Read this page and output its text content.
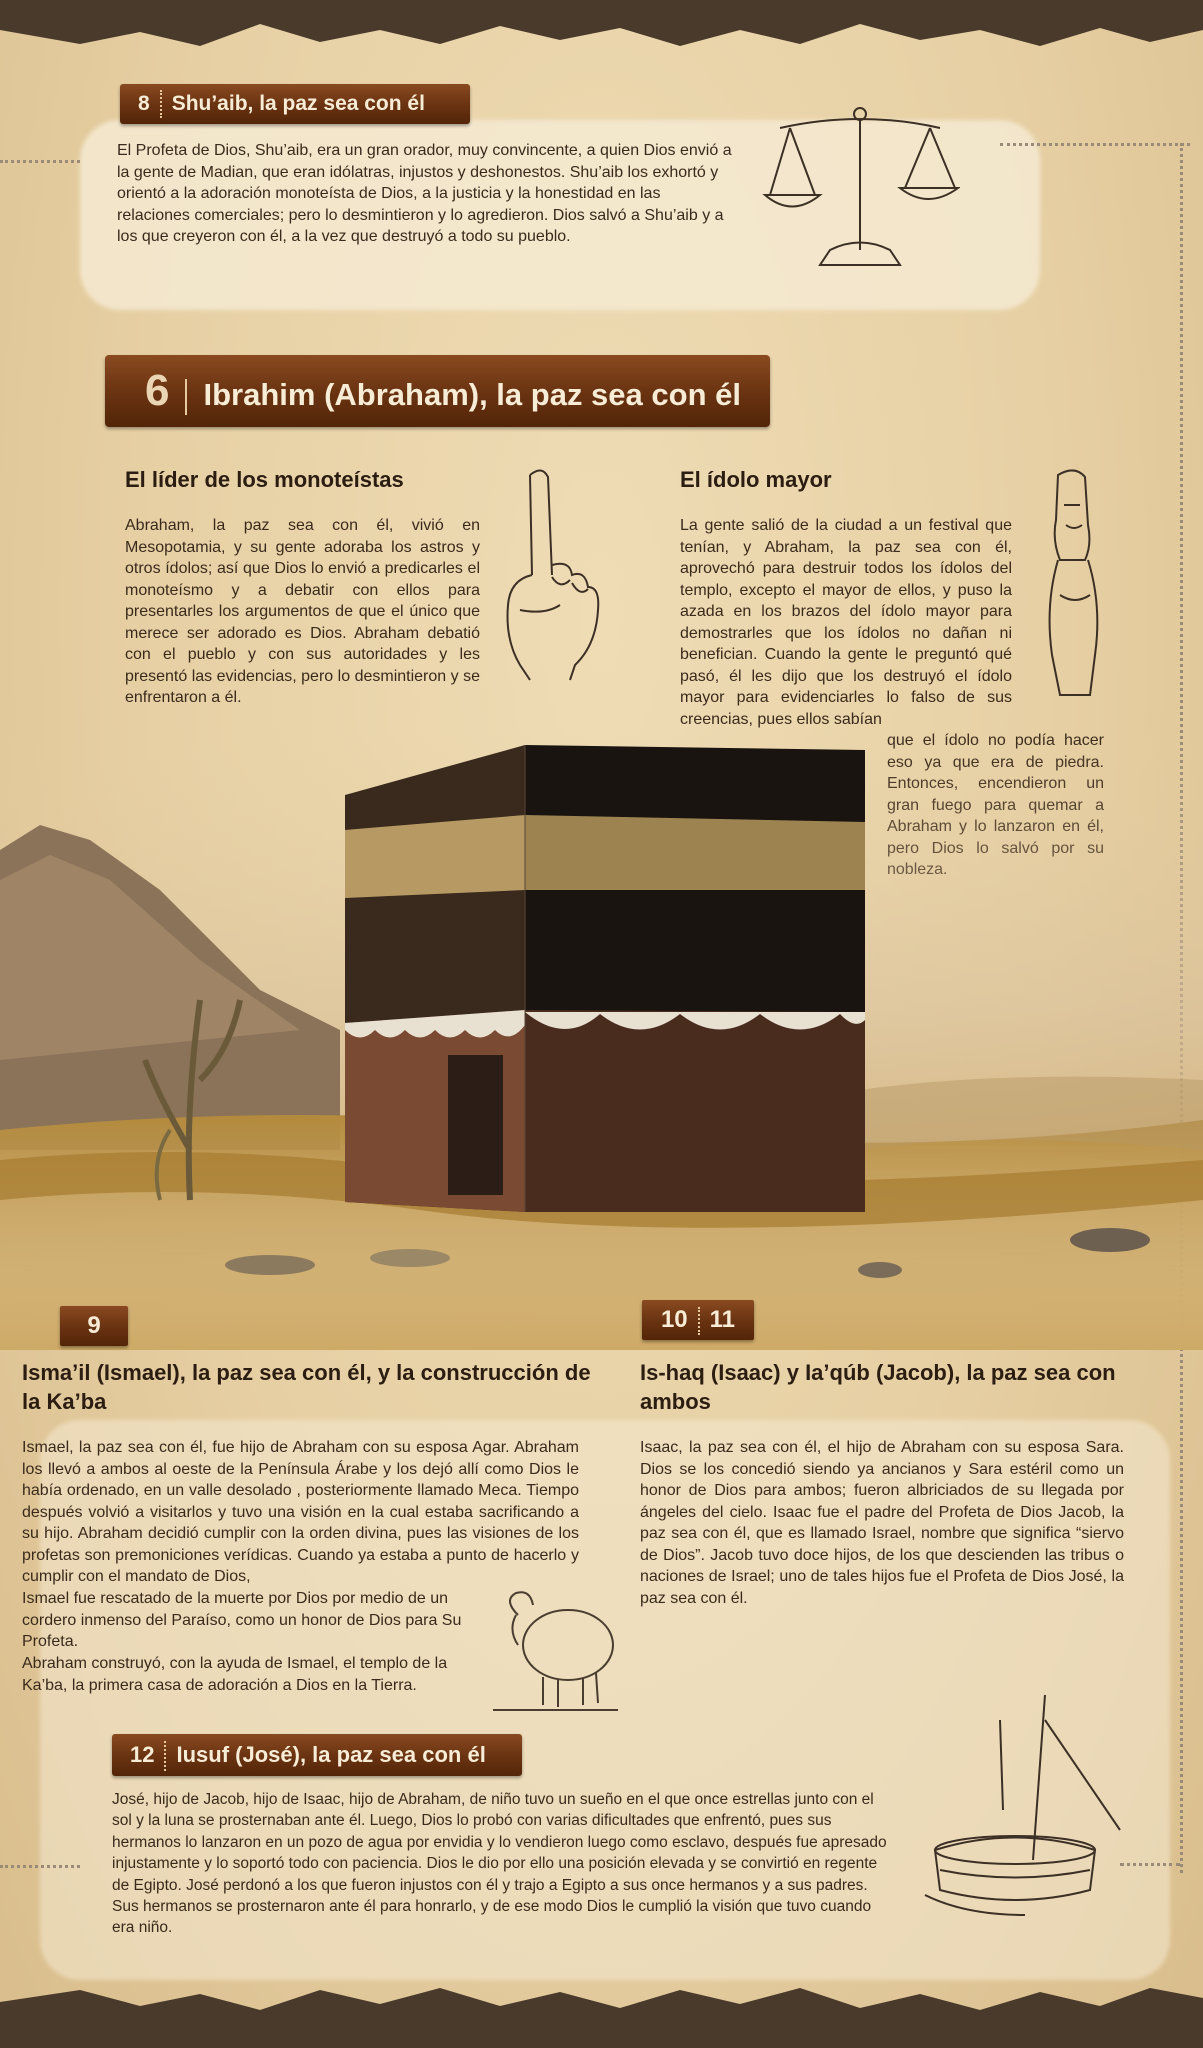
8 Shu’aib, la paz sea con él

El Profeta de Dios, Shu’aib, era un gran orador, muy convincente, a quien Dios envió a la gente de Madian, que eran idólatras, injustos y deshonestos. Shu’aib los exhortó y orientó a la adoración monoteísta de Dios, a la justicia y la honestidad en las relaciones comerciales; pero lo desmintieron y lo agredieron. Dios salvó a Shu’aib y a los que creyeron con él, a la vez que destruyó a todo su pueblo.

6 Ibrahim (Abraham), la paz sea con él
El líder de los monoteístas

Abraham, la paz sea con él, vivió en Mesopotamia, y su gente adoraba los astros y otros ídolos; así que Dios lo envió a predicarles el monoteísmo y a debatir con ellos para presentarles los argumentos de que el único que merece ser adorado es Dios. Abraham debatió con el pueblo y con sus autoridades y les presentó las evidencias, pero lo desmintieron y se enfrentaron a él.

El ídolo mayor

La gente salió de la ciudad a un festival que tenían, y Abraham, la paz sea con él, aprovechó para destruir todos los ídolos del templo, excepto el mayor de ellos, y puso la azada en los brazos del ídolo mayor para demostrarles que los ídolos no dañan ni benefician. Cuando la gente le preguntó qué pasó, él les dijo que los destruyó el ídolo mayor para evidenciarles lo falso de sus creencias, pues ellos sabían

9
Isma’il (Ismael), la paz sea con él, y la construcción de la Ka’ba

Ismael, la paz sea con él, fue hijo de Abraham con su esposa Agar. Abraham los llevó a ambos al oeste de la Península Árabe y los dejó allí como Dios le había ordenado, en un valle desolado , posteriormente llamado Meca. Tiempo después volvió a visitarlos y tuvo una visión en la cual estaba sacrificando a su hijo. Abraham decidió cumplir con la orden divina, pues las visiones de los profetas son premoniciones verídicas. Cuando ya estaba a punto de hacerlo y cumplir con el mandato de Dios,

Ismael fue rescatado de la muerte por Dios por medio de un cordero inmenso del Paraíso, como un honor de Dios para Su Profeta.

Abraham construyó, con la ayuda de Ismael, el templo de la Ka’ba, la primera casa de adoración a Dios en la Tierra.

10 11
Is-haq (Isaac) y Ia’qúb (Jacob), la paz sea con ambos

Isaac, la paz sea con él, el hijo de Abraham con su esposa Sara. Dios se los concedió siendo ya ancianos y Sara estéril como un honor de Dios para ambos; fueron albriciados de su llegada por ángeles del cielo. Isaac fue el padre del Profeta de Dios Jacob, la paz sea con él, que es llamado Israel, nombre que significa “siervo de Dios”. Jacob tuvo doce hijos, de los que descienden las tribus o naciones de Israel; uno de tales hijos fue el Profeta de Dios José, la paz sea con él.

12 Iusuf (José), la paz sea con él

José, hijo de Jacob, hijo de Isaac, hijo de Abraham, de niño tuvo un sueño en el que once estrellas junto con el sol y la luna se prosternaban ante él. Luego, Dios lo probó con varias dificultades que enfrentó, pues sus hermanos lo lanzaron en un pozo de agua por envidia y lo vendieron luego como esclavo, después fue apresado injustamente y lo soportó todo con paciencia. Dios le dio por ello una posición elevada y se convirtió en regente de Egipto. José perdonó a los que fueron injustos con él y trajo a Egipto a sus once hermanos y a sus padres. Sus hermanos se prosternaron ante él para honrarlo, y de ese modo Dios le cumplió la visión que tuvo cuando era niño.
